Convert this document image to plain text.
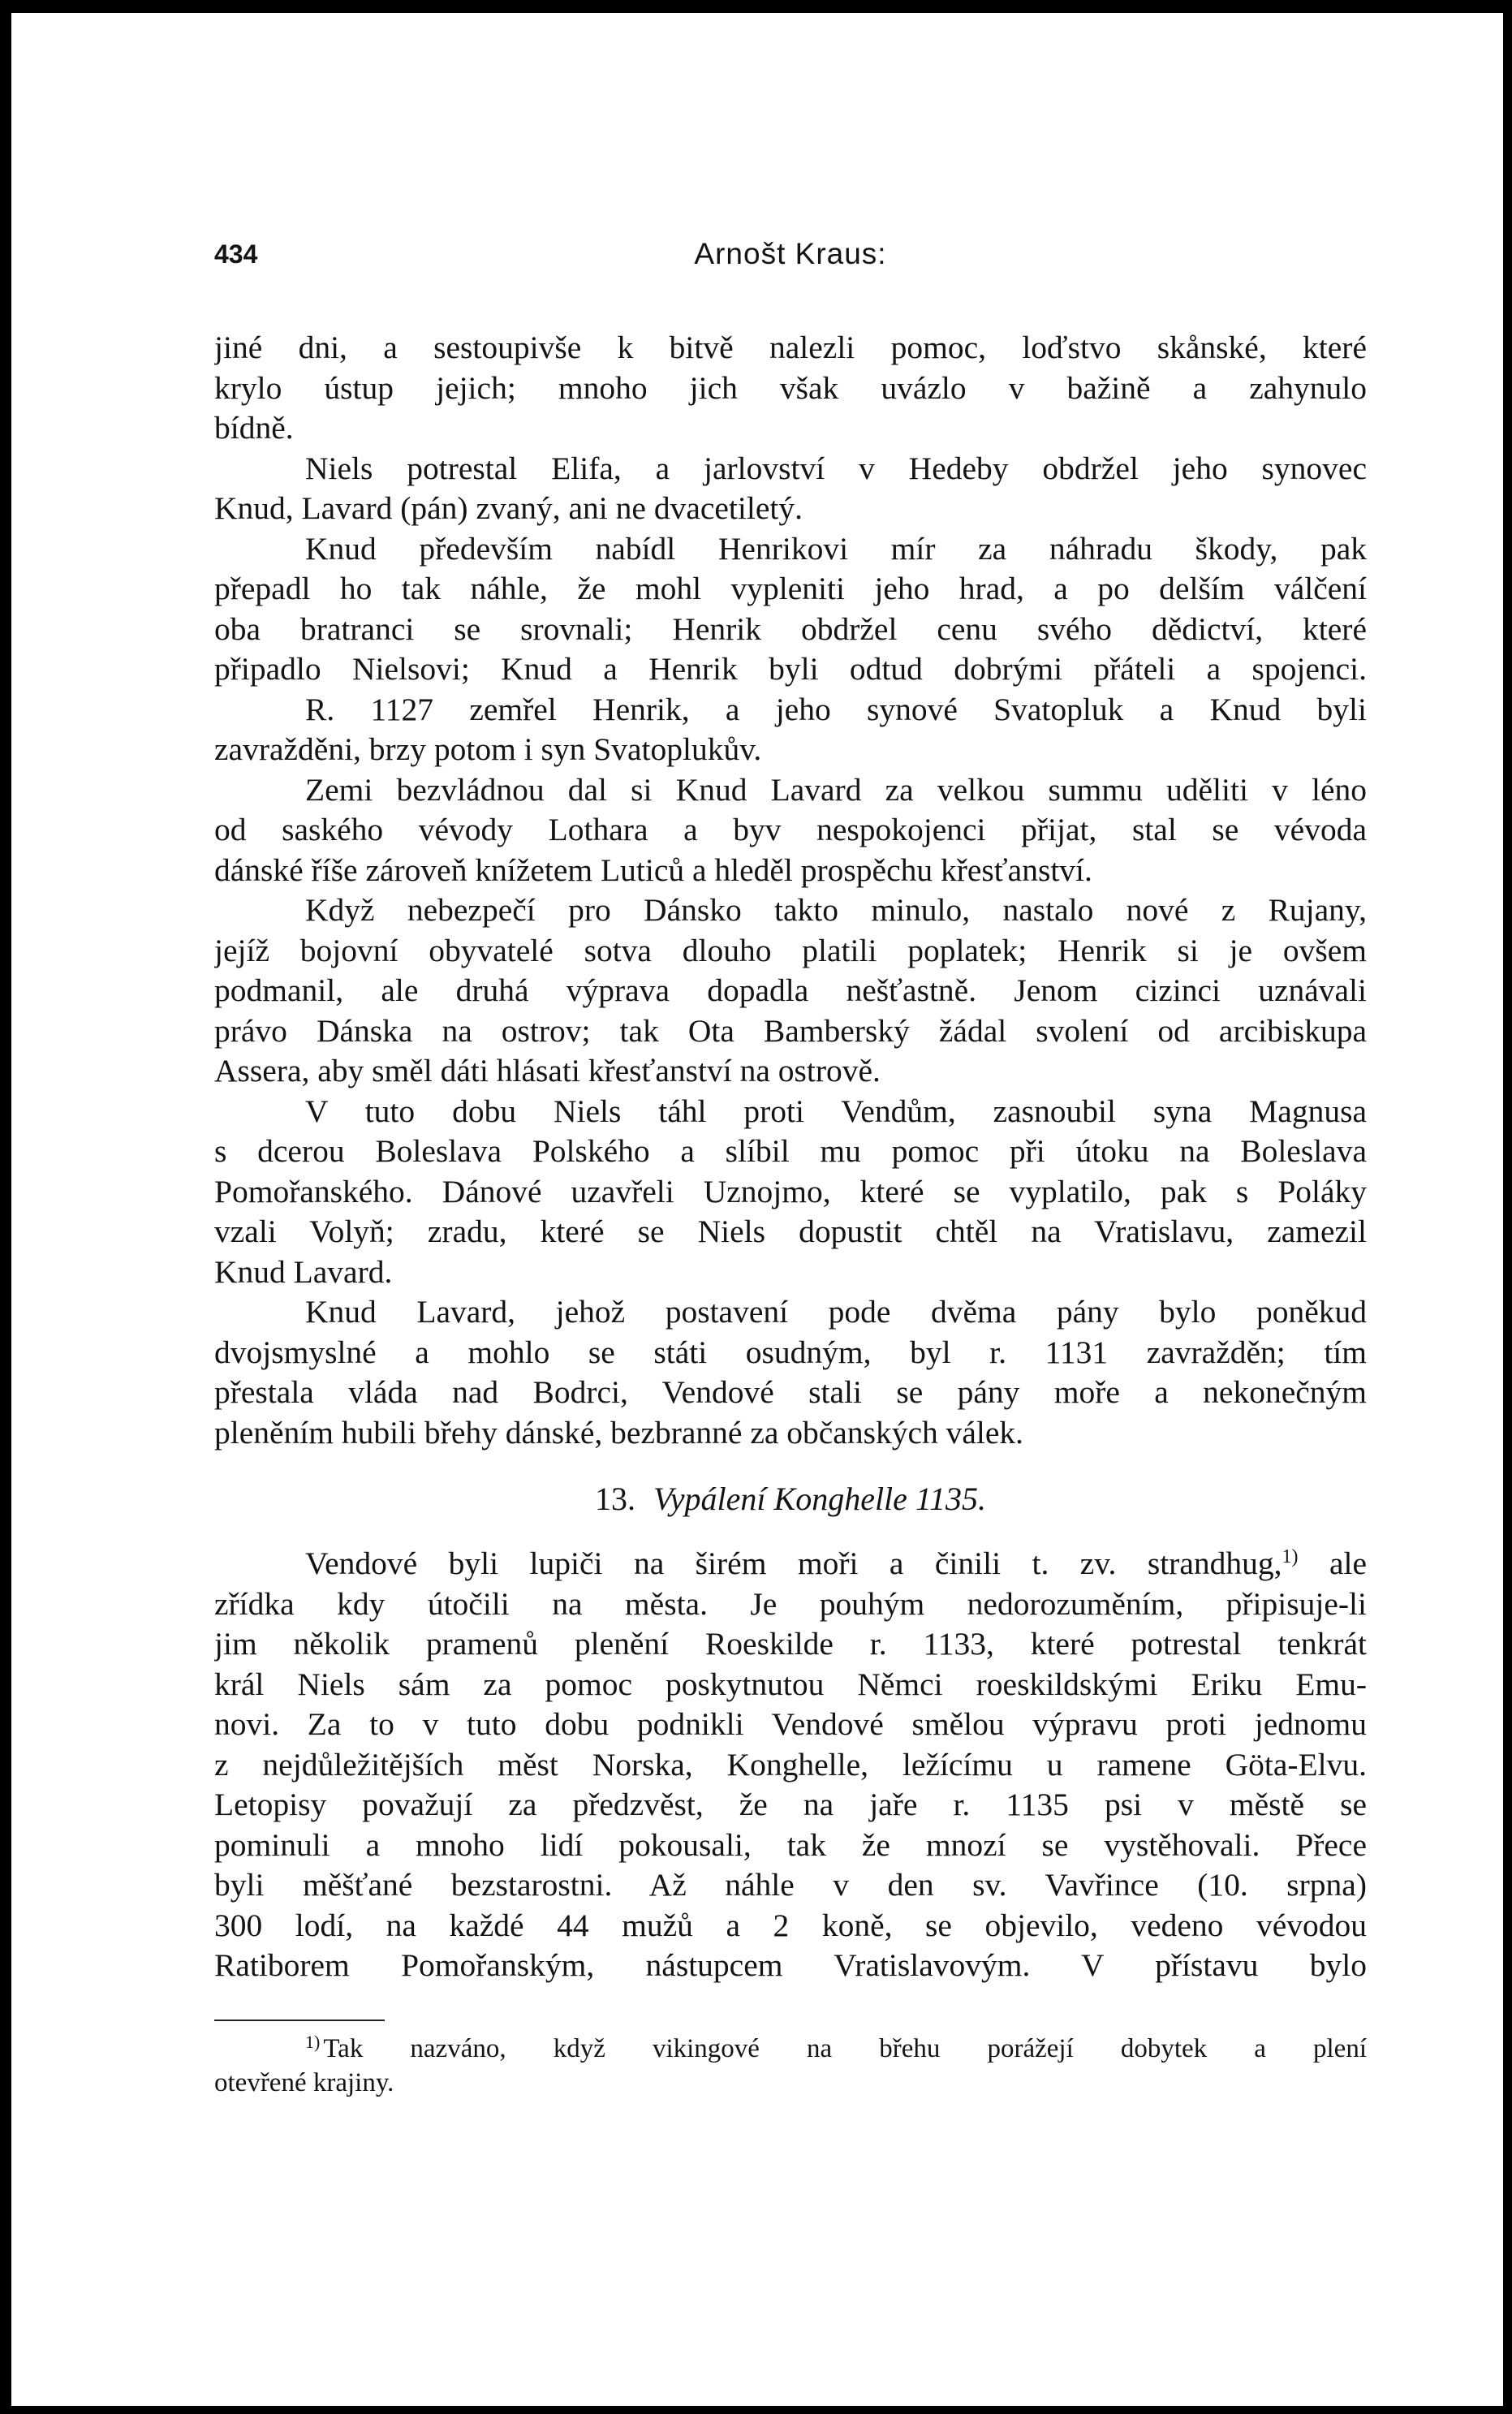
434	Arnošt Kraus:
jiné dni, a sestoupivše k bitvě nalezli pomoc, loďstvo skånské, které
krylo ústup jejich; mnoho jich však uvázlo v bažině a zahynulo
bídně.
Niels potrestal Elifa, a jarlovství v Hedeby obdržel jeho synovec
Knud, Lavard (pán) zvaný, ani ne dvacetiletý.
Knud především nabídl Henrikovi mír za náhradu škody, pak
přepadl ho tak náhle, že mohl vypleniti jeho hrad, a po delším válčení
oba bratranci se srovnali; Henrik obdržel cenu svého dědictví, které
připadlo Nielsovi; Knud a Henrik byli odtud dobrými přáteli a spojenci.
R. 1127 zemřel Henrik, a jeho synové Svatopluk a Knud byli
zavražděni, brzy potom i syn Svatoplukův.
Zemi bezvládnou dal si Knud Lavard za velkou summu uděliti v léno
od saského vévody Lothara a byv nespokojenci přijat, stal se vévoda
dánské říše zároveň knížetem Luticů a hleděl prospěchu křesťanství.
Když nebezpečí pro Dánsko takto minulo, nastalo nové z Rujany,
jejíž bojovní obyvatelé sotva dlouho platili poplatek; Henrik si je ovšem
podmanil, ale druhá výprava dopadla nešťastně. Jenom cizinci uznávali
právo Dánska na ostrov; tak Ota Bamberský žádal svolení od arcibiskupa
Assera, aby směl dáti hlásati křesťanství na ostrově.
V tuto dobu Niels táhl proti Vendům, zasnoubil syna Magnusa
s dcerou Boleslava Polského a slíbil mu pomoc při útoku na Boleslava
Pomořanského. Dánové uzavřeli Uznojmo, které se vyplatilo, pak s Poláky
vzali Volyň; zradu, které se Niels dopustit chtěl na Vratislavu, zamezil
Knud Lavard.
Knud Lavard, jehož postavení pode dvěma pány bylo poněkud
dvojsmyslné a mohlo se státi osudným, byl r. 1131 zavražděn; tím
přestala vláda nad Bodrci, Vendové stali se pány moře a nekonečným
pleněním hubili břehy dánské, bezbranné za občanských válek.
13. Vypálení Konghelle 1135.
Vendové byli lupiči na širém moři a činili t. zv. strandhug,$^{1)}$ ale
zřídka kdy útočili na města. Je pouhým nedorozuměním, připisuje-li
jim několik pramenů plenění Roeskilde r. 1133, které potrestal tenkrát
král Niels sám za pomoc poskytnutou Němci roeskildskými Eriku Emu-
novi. Za to v tuto dobu podnikli Vendové smělou výpravu proti jednomu
z nejdůležitějších měst Norska, Konghelle, ležícímu u ramene Göta-Elvu.
Letopisy považují za předzvěst, že na jaře r. 1135 psi v městě se
pominuli a mnoho lidí pokousali, tak že mnozí se vystěhovali. Přece
byli měšťané bezstarostni. Až náhle v den sv. Vavřince (10. srpna)
300 lodí, na každé 44 mužů a 2 koně, se objevilo, vedeno vévodou
Ratiborem Pomořanským, nástupcem Vratislavovým. V přístavu bylo
$^{1)}$ Tak nazváno, když vikingové na břehu porážejí dobytek a plení
otevřené krajiny.
